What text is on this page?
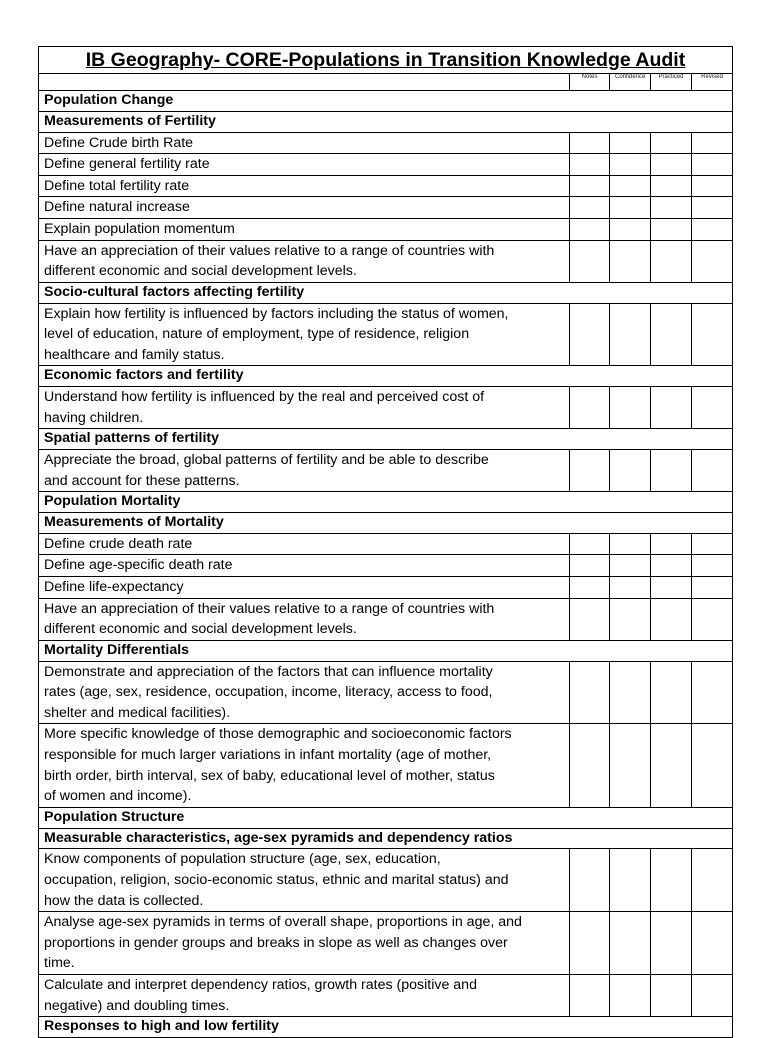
IB Geography- CORE-Populations in Transition Knowledge Audit				
	Notes	Confidence	Practiced	Revised
Population Change				
Measurements of Fertility				

Define Crude birth Rate				

Define general fertility rate				

Define total fertility rate				

Define natural increase				

Explain population momentum				

Have an appreciation of their values relative to a range of countries with
different economic and social development levels.				

Socio-cultural factors affecting fertility				

Explain how fertility is influenced by factors including the status of women,
level of education, nature of employment, type of residence, religion
healthcare and family status.				

Economic factors and fertility				

Understand how fertility is influenced by the real and perceived cost of
having children.				

Spatial patterns of fertility				

Appreciate the broad, global patterns of fertility and be able to describe
and account for these patterns.				

Population Mortality				
Measurements of Mortality				

Define crude death rate				

Define age-specific death rate				

Define life-expectancy				

Have an appreciation of their values relative to a range of countries with
different economic and social development levels.				

Mortality Differentials				

Demonstrate and appreciation of the factors that can influence mortality
rates (age, sex, residence, occupation, income, literacy, access to food,
shelter and medical facilities).				

More specific knowledge of those demographic and socioeconomic factors
responsible for much larger variations in infant mortality (age of mother,
birth order, birth interval, sex of baby, educational level of mother, status
of women and income).				

Population Structure				
Measurable characteristics, age-sex pyramids and dependency ratios				

Know components of population structure (age, sex, education,
occupation, religion, socio-economic status, ethnic and marital status) and
how the data is collected.				

Analyse age-sex pyramids in terms of overall shape, proportions in age, and
proportions in gender groups and breaks in slope as well as changes over
time.				

Calculate and interpret dependency ratios, growth rates (positive and
negative) and doubling times.				

Responses to high and low fertility				
